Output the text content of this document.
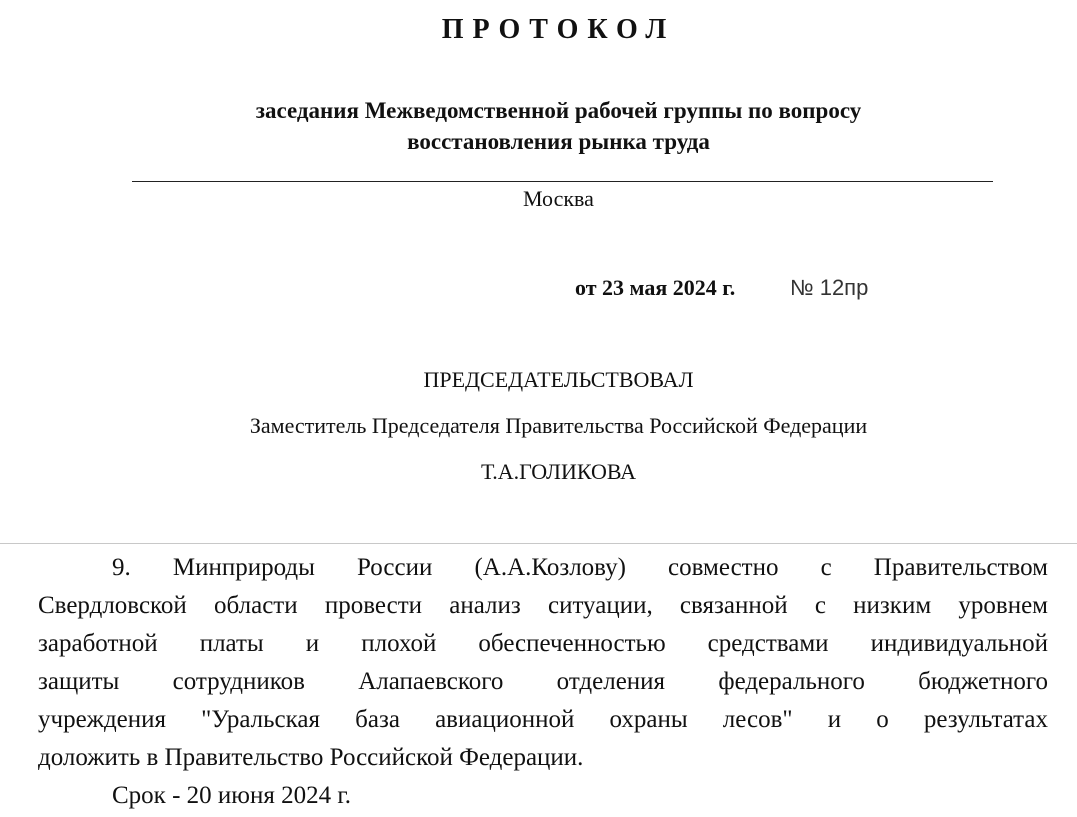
ПРОТОКОЛ
заседания Межведомственной рабочей группы по вопросу
восстановления рынка труда
Москва
от 23 мая 2024 г. № 12пр
ПРЕДСЕДАТЕЛЬСТВОВАЛ
Заместитель Председателя Правительства Российской Федерации
Т.А.ГОЛИКОВА
9. Минприроды России (А.А.Козлову) совместно с Правительством
Свердловской области провести анализ ситуации, связанной с низким уровнем
заработной платы и плохой обеспеченностью средствами индивидуальной
защиты сотрудников Алапаевского отделения федерального бюджетного
учреждения "Уральская база авиационной охраны лесов" и о результатах
доложить в Правительство Российской Федерации.
Срок - 20 июня 2024 г.
